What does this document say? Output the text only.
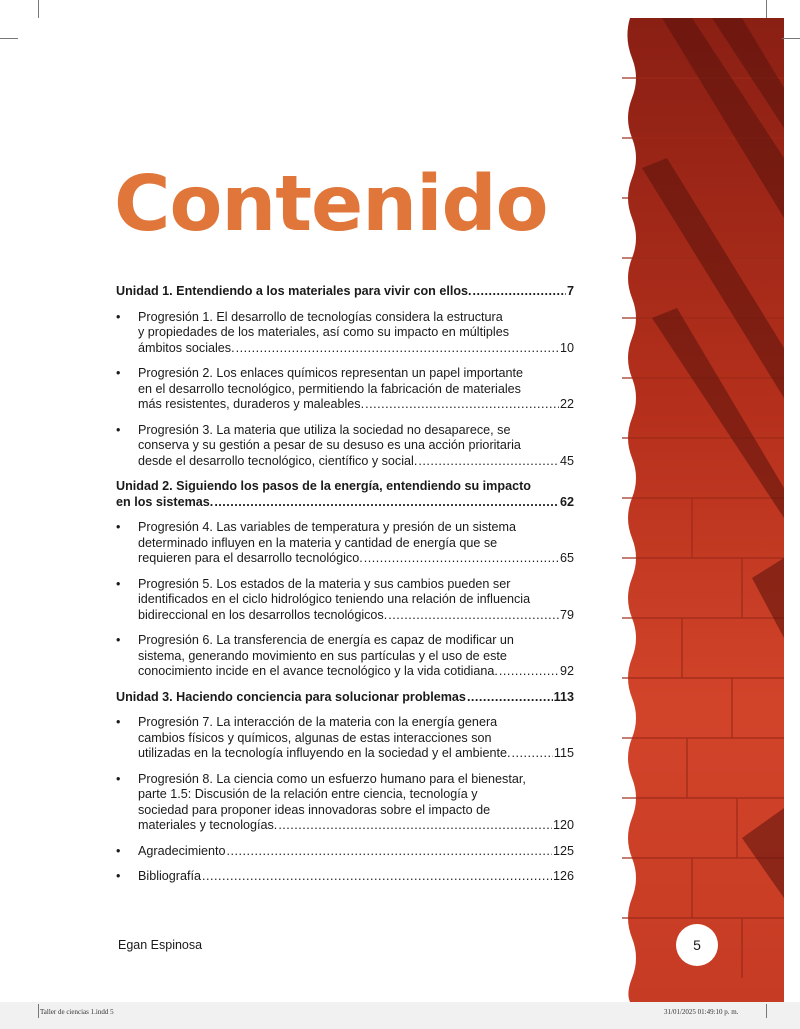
Contenido
Unidad 1. Entendiendo a los materiales para vivir con ellos. .....	7
• Progresión 1. El desarrollo de tecnologías considera la estructura
y propiedades de los materiales, así como su impacto en múltiples
ámbitos sociales. .....	10
• Progresión 2. Los enlaces químicos representan un papel importante
en el desarrollo tecnológico, permitiendo la fabricación de materiales
más resistentes, duraderos y maleables. .....	22
• Progresión 3. La materia que utiliza la sociedad no desaparece, se
conserva y su gestión a pesar de su desuso es una acción prioritaria
desde el desarrollo tecnológico, científico y social. .....	45
Unidad 2. Siguiendo los pasos de la energía, entendiendo su impacto
en los sistemas. .....	62
• Progresión 4. Las variables de temperatura y presión de un sistema
determinado influyen en la materia y cantidad de energía que se
requieren para el desarrollo tecnológico. .....	65
• Progresión 5. Los estados de la materia y sus cambios pueden ser
identificados en el ciclo hidrológico teniendo una relación de influencia
bidireccional en los desarrollos tecnológicos. .....	79
• Progresión 6. La transferencia de energía es capaz de modificar un
sistema, generando movimiento en sus partículas y el uso de este
conocimiento incide en el avance tecnológico y la vida cotidiana. .....	92
Unidad 3. Haciendo conciencia para solucionar problemas .....	113
• Progresión 7. La interacción de la materia con la energía genera
cambios físicos y químicos, algunas de estas interacciones son
utilizadas en la tecnología influyendo en la sociedad y el ambiente. .....	115
• Progresión 8. La ciencia como un esfuerzo humano para el bienestar,
parte 1.5: Discusión de la relación entre ciencia, tecnología y
sociedad para proponer ideas innovadoras sobre el impacto de
materiales y tecnologías. .....	120
• Agradecimiento .....	125
• Bibliografía .....	126
Egan Espinosa	5
Taller de ciencias 1.indd 5	31/01/2025 01:49:10 p. m.
